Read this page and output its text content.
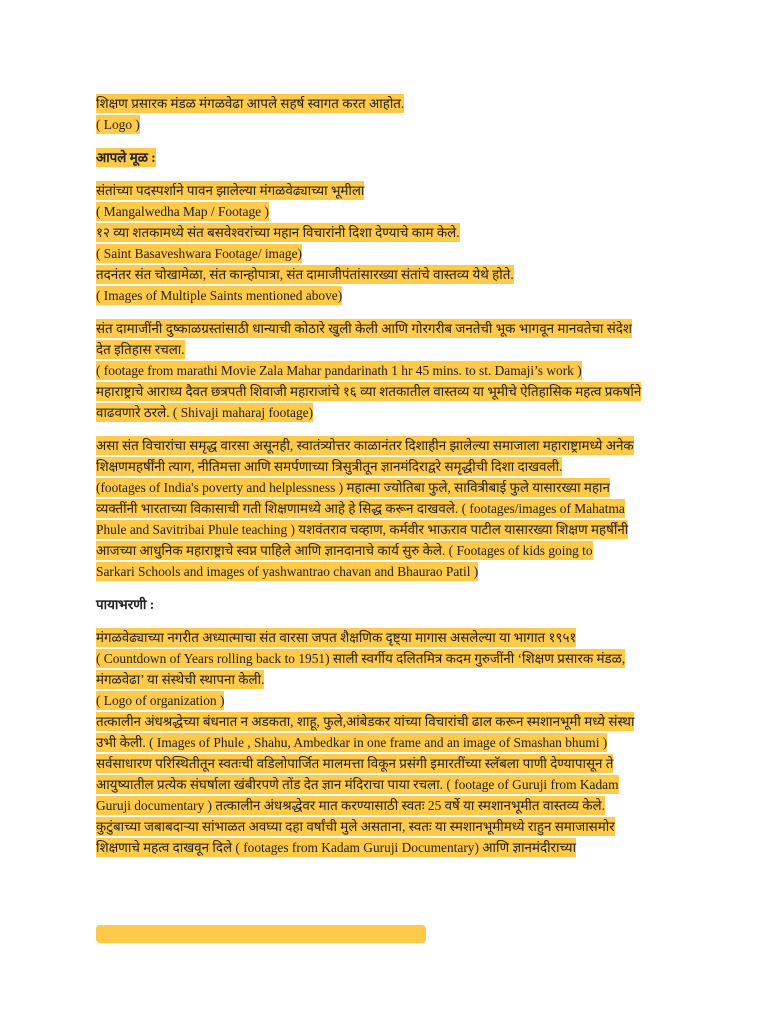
शिक्षण प्रसारक मंडळ मंगळवेढा आपले सहर्ष स्वागत करत आहोत.
( Logo )
आपले मूळ :
संतांच्या पदस्पर्शाने पावन झालेल्या मंगळवेढ्याच्या भूमीला
( Mangalwedha Map / Footage )
१२ व्या शतकामध्ये संत बसवेश्वरांच्या महान विचारांनी दिशा देण्याचे काम केले.
( Saint Basaveshwara Footage/ image)
तदनंतर संत चोखामेळा, संत कान्होपात्रा, संत दामाजीपंतांसारख्या संतांचे वास्तव्य येथे होते.
( Images of Multiple Saints mentioned above)
संत दामाजींनी दुष्काळग्रस्तांसाठी धान्याची कोठारे खुली केली आणि गोरगरीब जनतेची भूक भागवून मानवतेचा संदेश
देत इतिहास रचला.
( footage from marathi Movie Zala Mahar pandarinath 1 hr 45 mins. to st. Damaji’s work )
महाराष्ट्राचे आराध्य दैवत छत्रपती शिवाजी महाराजांचे १६ व्या शतकातील वास्तव्य या भूमीचे ऐतिहासिक महत्व प्रकर्षाने
वाढवणारे ठरले. ( Shivaji maharaj footage)
असा संत विचारांचा समृद्ध वारसा असूनही, स्वातंत्र्योत्तर काळानंतर दिशाहीन झालेल्या समाजाला महाराष्ट्रामध्ये अनेक
शिक्षणमहर्षींनी त्याग, नीतिमत्ता आणि समर्पणाच्या त्रिसुत्रीतून ज्ञानमंदिराद्वरे समृद्धीची दिशा दाखवली.
(footages of India's poverty and helplessness ) महात्मा ज्योतिबा फुले, सावित्रीबाई फुले यासारख्या महान
व्यक्तींनी भारताच्या विकासाची गती शिक्षणामध्ये आहे हे सिद्ध करून दाखवले. ( footages/images of Mahatma
Phule and Savitribai Phule teaching ) यशवंतराव चव्हाण, कर्मवीर भाऊराव पाटील यासारख्या शिक्षण महर्षींनी
आजच्या आधुनिक महाराष्ट्राचे स्वप्न पाहिले आणि ज्ञानदानाचे कार्य सुरु केले. ( Footages of kids going to
Sarkari Schools and images of yashwantrao chavan and Bhaurao Patil )
पायाभरणी :
मंगळवेढ्याच्या नगरीत अध्यात्माचा संत वारसा जपत शैक्षणिक दृष्ट्या मागास असलेल्या या भागात १९५१
( Countdown of Years rolling back to 1951) साली स्वर्गीय दलितमित्र कदम गुरुजींनी ‘शिक्षण प्रसारक मंडळ,
मंगळवेढा’ या संस्थेची स्थापना केली.
( Logo of organization )
तत्कालीन अंधश्रद्धेच्या बंधनात न अडकता, शाहू, फुले,आंबेडकर यांच्या विचारांची ढाल करून स्मशानभूमी मध्ये संस्था
उभी केली. ( Images of Phule , Shahu, Ambedkar in one frame and an image of Smashan bhumi )
सर्वसाधारण परिस्थितीतून स्वतःची वडिलोपार्जित मालमत्ता विकून प्रसंगी इमारतींच्या स्लॅबला पाणी देण्यापासून ते
आयुष्यातील प्रत्येक संघर्षाला खंबीरपणे तोंड देत ज्ञान मंदिराचा पाया रचला. ( footage of Guruji from Kadam
Guruji documentary ) तत्कालीन अंधश्रद्धेवर मात करण्यासाठी स्वतः 25 वर्षे या स्मशानभूमीत वास्तव्य केले.
कुटुंबाच्या जबाबदाऱ्या सांभाळत अवघ्या दहा वर्षांची मुले असताना, स्वतः या स्मशानभूमीमध्ये राहुन समाजासमोर
शिक्षणाचे महत्व दाखवून दिले ( footages from Kadam Guruji Documentary) आणि ज्ञानमंदीराच्या
